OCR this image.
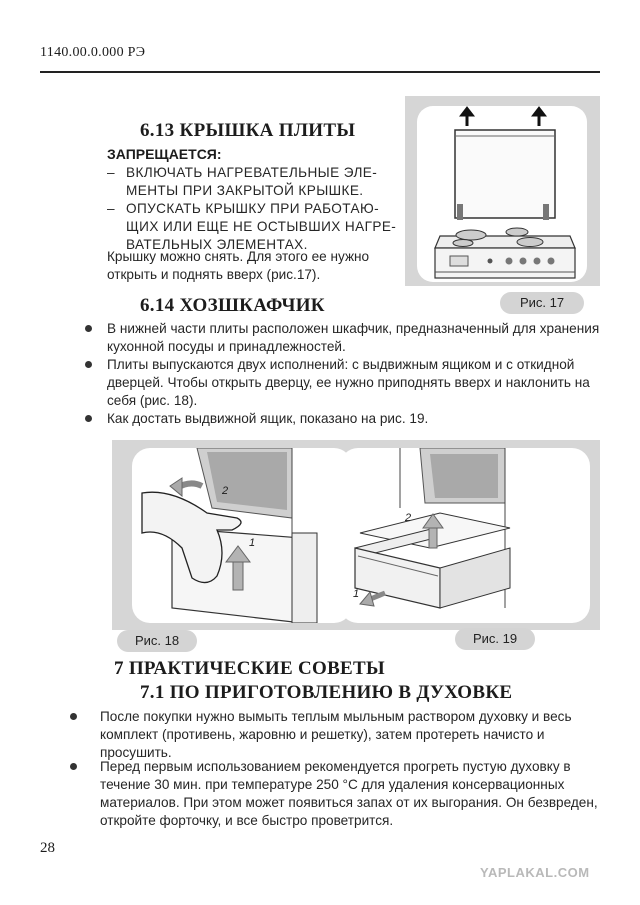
1140.00.0.000 РЭ
6.13 КРЫШКА ПЛИТЫ
ЗАПРЕЩАЕТСЯ:
– ВКЛЮЧАТЬ НАГРЕВАТЕЛЬНЫЕ ЭЛЕ-МЕНТЫ ПРИ ЗАКРЫТОЙ КРЫШКЕ.
– ОПУСКАТЬ КРЫШКУ ПРИ РАБОТАЮ-ЩИХ ИЛИ ЕЩЕ НЕ ОСТЫВШИХ НАГРЕ-ВАТЕЛЬНЫХ ЭЛЕМЕНТАХ.
Крышку можно снять. Для этого ее нужно открыть и поднять вверх (рис.17).
Рис. 17
6.14 ХОЗШКАФЧИК
В нижней части плиты расположен шкафчик, предназначенный для хранения кухонной посуды и принадлежностей.
Плиты выпускаются двух исполнений: с выдвижным ящиком и с откидной дверцей. Чтобы открыть дверцу, ее нужно приподнять вверх и наклонить на себя (рис. 18).
Как достать выдвижной ящик, показано на рис. 19.
2
1
2
1
Рис. 18	Рис. 19
7 ПРАКТИЧЕСКИЕ СОВЕТЫ
7.1 ПО ПРИГОТОВЛЕНИЮ В ДУХОВКЕ
После покупки нужно вымыть теплым мыльным раствором духовку и весь комплект (противень, жаровню и решетку), затем протереть начисто и просушить.
Перед первым использованием рекомендуется прогреть пустую духовку в течение 30 мин. при температуре 250 °С для удаления консервационных материалов. При этом может появиться запах от их выгорания. Он безвреден, откройте форточку, и все быстро проветрится.
28
YAPLAKAL.COM
